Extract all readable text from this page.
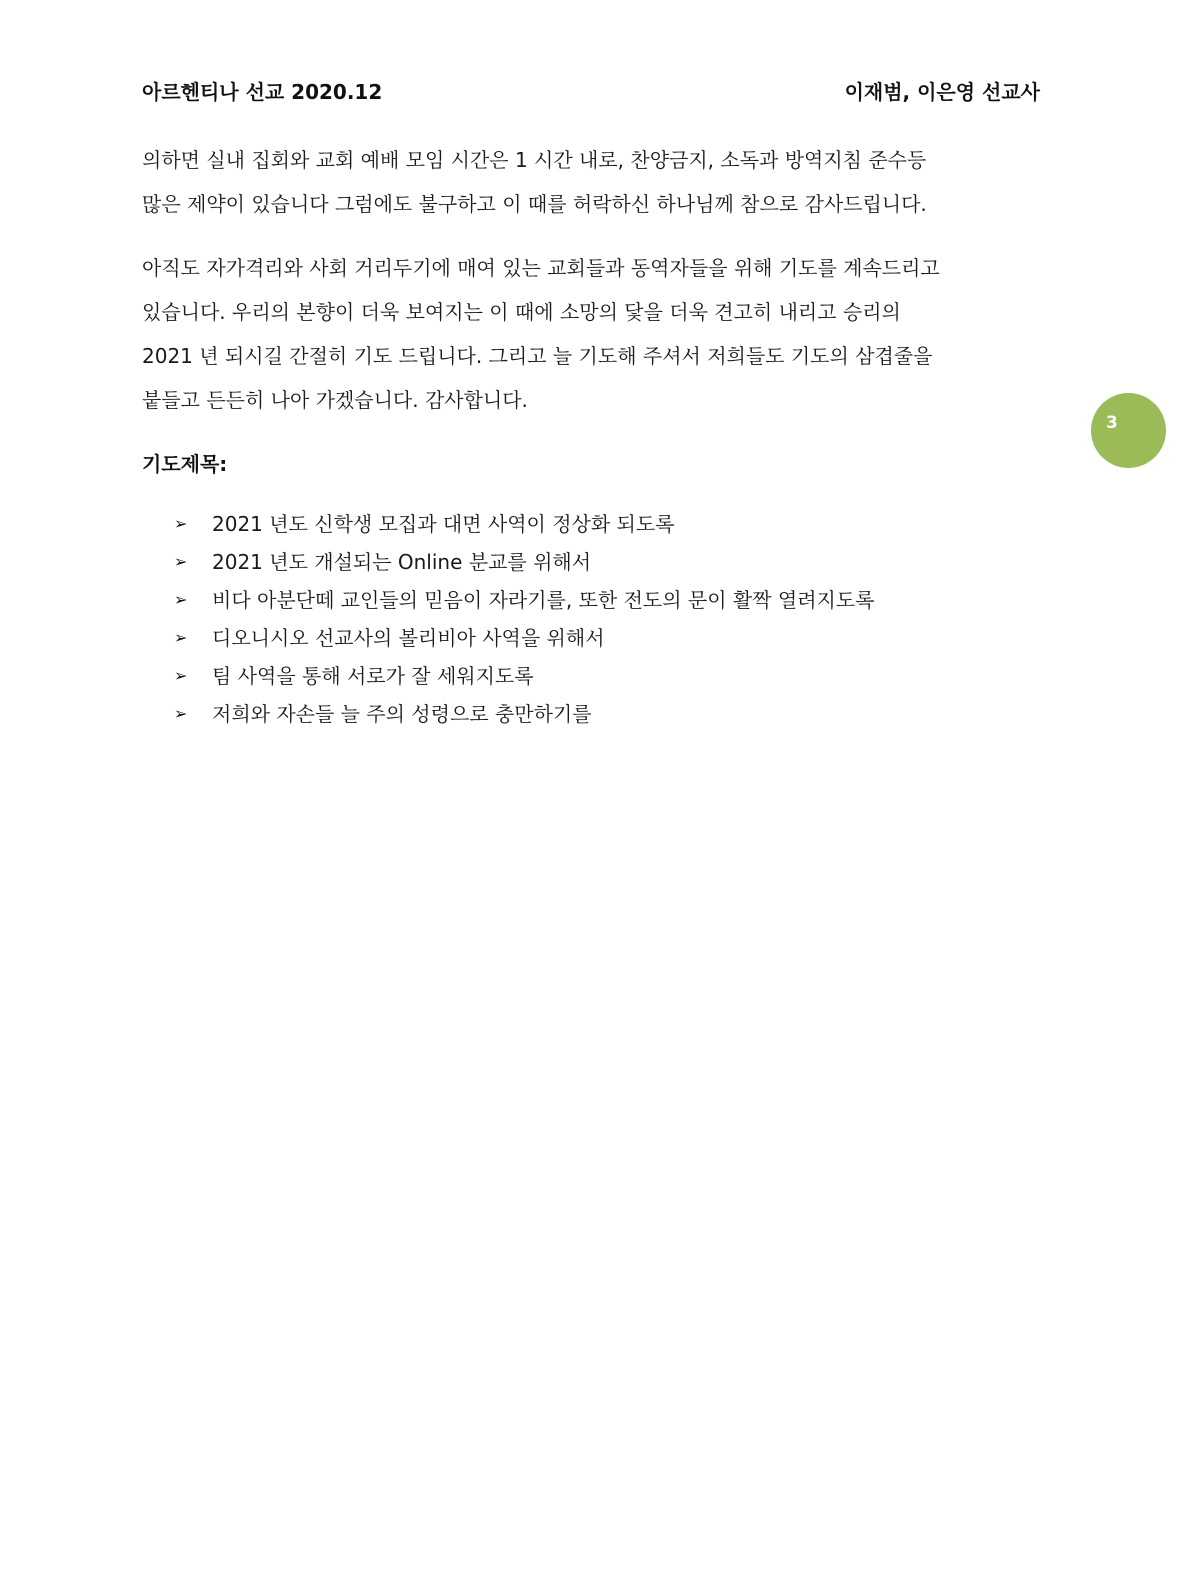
아르헨티나 선교 2020.12	이재범, 이은영 선교사
의하면 실내 집회와 교회 예배 모임 시간은 1 시간 내로, 찬양금지, 소독과 방역지침 준수등
많은 제약이 있습니다 그럼에도 불구하고 이 때를 허락하신 하나님께 참으로 감사드립니다.
아직도 자가격리와 사회 거리두기에 매여 있는 교회들과 동역자들을 위해 기도를 계속드리고
있습니다. 우리의 본향이 더욱 보여지는 이 때에 소망의 닻을 더욱 견고히 내리고 승리의
2021 년 되시길 간절히 기도 드립니다. 그리고 늘 기도해 주셔서 저희들도 기도의 삼겹줄을
붙들고 든든히 나아 가겠습니다. 감사합니다.
3
기도제목:
➢	2021 년도 신학생 모집과 대면 사역이 정상화 되도록
➢	2021 년도 개설되는 Online 분교를 위해서
➢	비다 아분단떼 교인들의 믿음이 자라기를, 또한 전도의 문이 활짝 열려지도록
➢	디오니시오 선교사의 볼리비아 사역을 위해서
➢	팀 사역을 통해 서로가 잘 세워지도록
➢	저희와 자손들 늘 주의 성령으로 충만하기를
